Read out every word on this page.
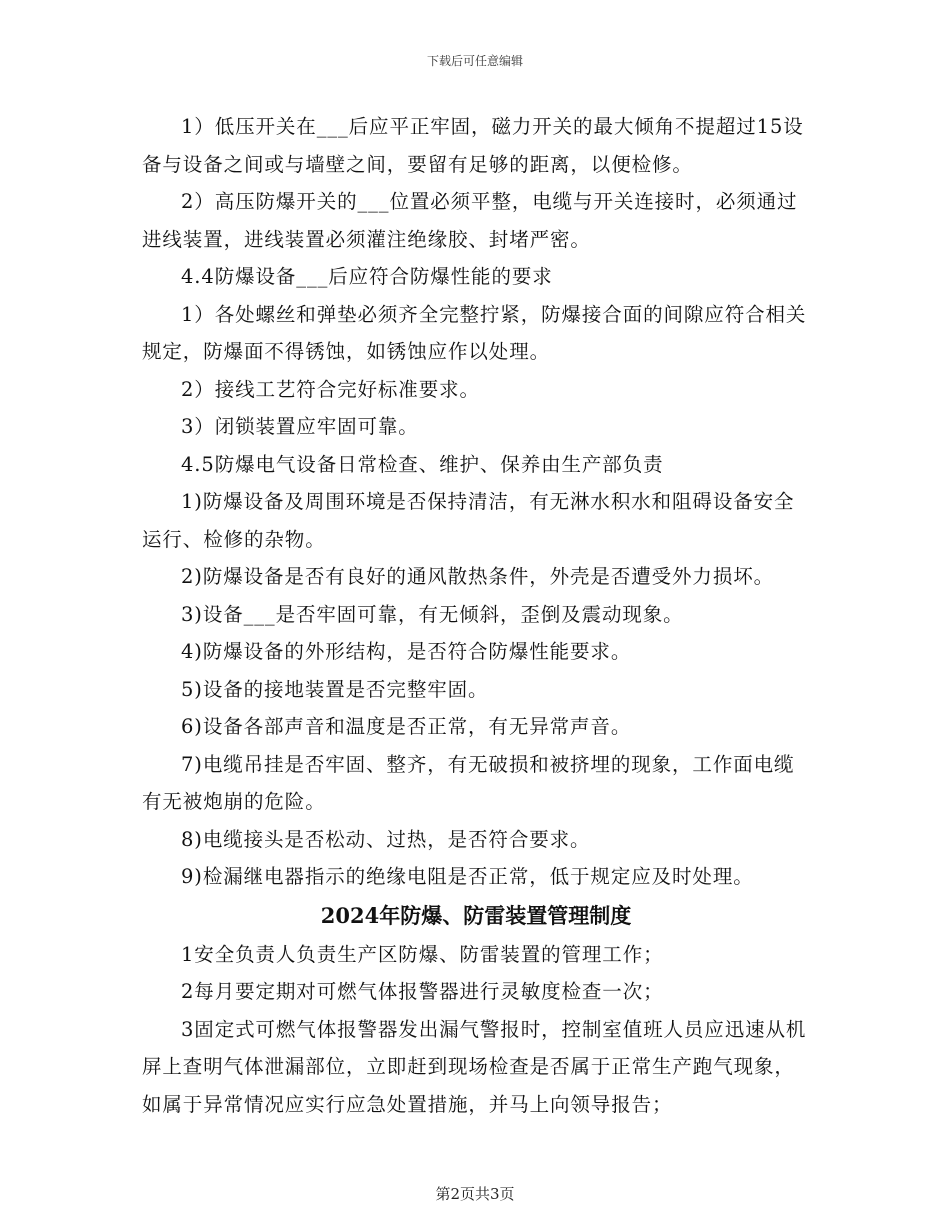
下载后可任意编辑

1）低压开关在___后应平正牢固，磁力开关的最大倾角不提超过15设备与设备之间或与墙壁之间，要留有足够的距离，以便检修。

2）高压防爆开关的___位置必须平整，电缆与开关连接时，必须通过进线装置，进线装置必须灌注绝缘胶、封堵严密。

4.4防爆设备___后应符合防爆性能的要求

1）各处螺丝和弹垫必须齐全完整拧紧，防爆接合面的间隙应符合相关规定，防爆面不得锈蚀，如锈蚀应作以处理。

2）接线工艺符合完好标准要求。

3）闭锁装置应牢固可靠。

4.5防爆电气设备日常检查、维护、保养由生产部负责

1)防爆设备及周围环境是否保持清洁，有无淋水积水和阻碍设备安全运行、检修的杂物。

2)防爆设备是否有良好的通风散热条件，外壳是否遭受外力损坏。

3)设备___是否牢固可靠，有无倾斜，歪倒及震动现象。

4)防爆设备的外形结构，是否符合防爆性能要求。

5)设备的接地装置是否完整牢固。

6)设备各部声音和温度是否正常，有无异常声音。

7)电缆吊挂是否牢固、整齐，有无破损和被挤埋的现象，工作面电缆有无被炮崩的危险。

8)电缆接头是否松动、过热，是否符合要求。

9)检漏继电器指示的绝缘电阻是否正常，低于规定应及时处理。

2024年防爆、防雷装置管理制度

1安全负责人负责生产区防爆、防雷装置的管理工作；

2每月要定期对可燃气体报警器进行灵敏度检查一次；

3固定式可燃气体报警器发出漏气警报时，控制室值班人员应迅速从机屏上查明气体泄漏部位，立即赶到现场检查是否属于正常生产跑气现象，如属于异常情况应实行应急处置措施，并马上向领导报告；

第2页共3页
